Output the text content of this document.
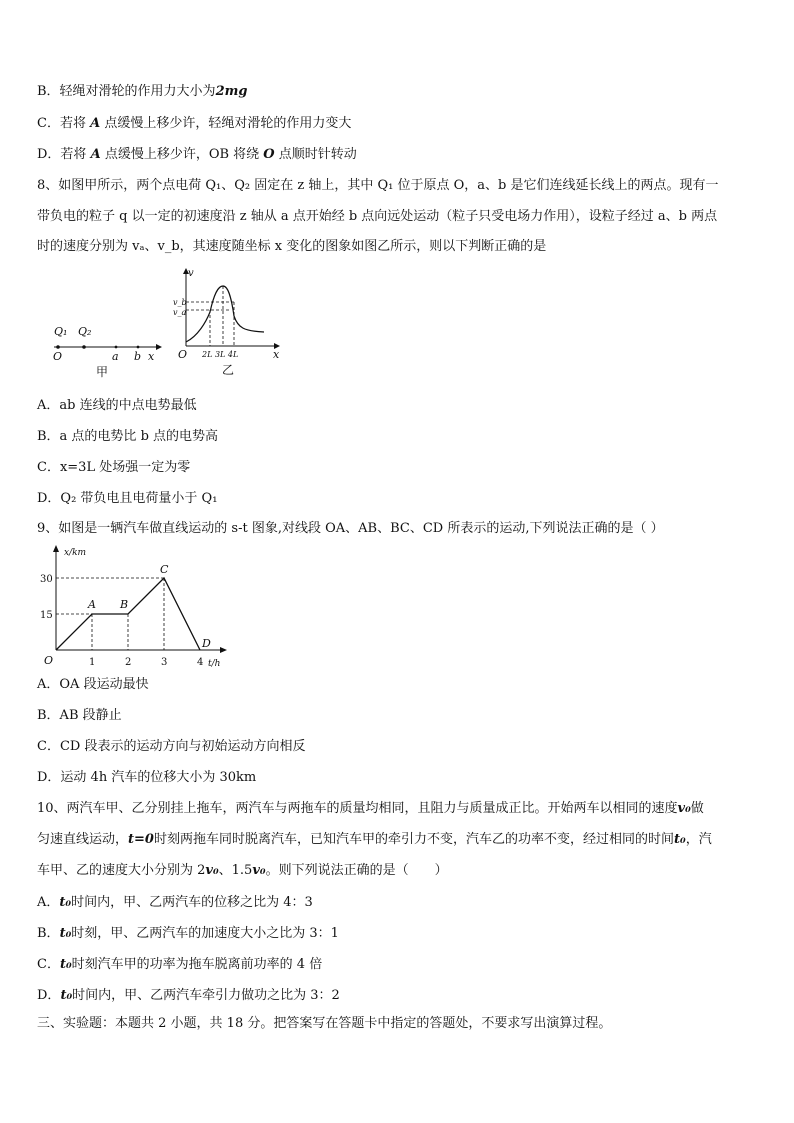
B．轻绳对滑轮的作用力大小为2mg
C．若将 A 点缓慢上移少许，轻绳对滑轮的作用力变大
D．若将 A 点缓慢上移少许，OB 将绕 O 点顺时针转动
8、如图甲所示，两个点电荷 Q₁、Q₂ 固定在 z 轴上，其中 Q₁ 位于原点 O，a、b 是它们连线延长线上的两点。现有一
带负电的粒子 q 以一定的初速度沿 z 轴从 a 点开始经 b 点向远处运动（粒子只受电场力作用），设粒子经过 a、b 两点
时的速度分别为 vₐ、v_b，其速度随坐标 x 变化的图象如图乙所示，则以下判断正确的是
Q₁ Q₂
O	a b x
甲
v
v_b
v_a
O 2L 3L 4L	x
乙
A．ab 连线的中点电势最低
B．a 点的电势比 b 点的电势高
C．x=3L 处场强一定为零
D．Q₂ 带负电且电荷量小于 Q₁
9、如图是一辆汽车做直线运动的 s-t 图象,对线段 OA、AB、BC、CD 所表示的运动,下列说法正确的是（ ）
x/km
t/h
15
30
1	2	3	4
O
A B
C
D
A．OA 段运动最快
B．AB 段静止
C．CD 段表示的运动方向与初始运动方向相反
D．运动 4h 汽车的位移大小为 30km
10、两汽车甲、乙分别挂上拖车，两汽车与两拖车的质量均相同，且阻力与质量成正比。开始两车以相同的速度v₀做
匀速直线运动，t=0时刻两拖车同时脱离汽车，已知汽车甲的牵引力不变，汽车乙的功率不变，经过相同的时间t₀，汽
车甲、乙的速度大小分别为 2v₀、1.5v₀。则下列说法正确的是（　　）
A．t₀时间内，甲、乙两汽车的位移之比为 4：3
B．t₀时刻，甲、乙两汽车的加速度大小之比为 3：1
C．t₀时刻汽车甲的功率为拖车脱离前功率的 4 倍
D．t₀时间内，甲、乙两汽车牵引力做功之比为 3：2
三、实验题：本题共 2 小题，共 18 分。把答案写在答题卡中指定的答题处，不要求写出演算过程。
